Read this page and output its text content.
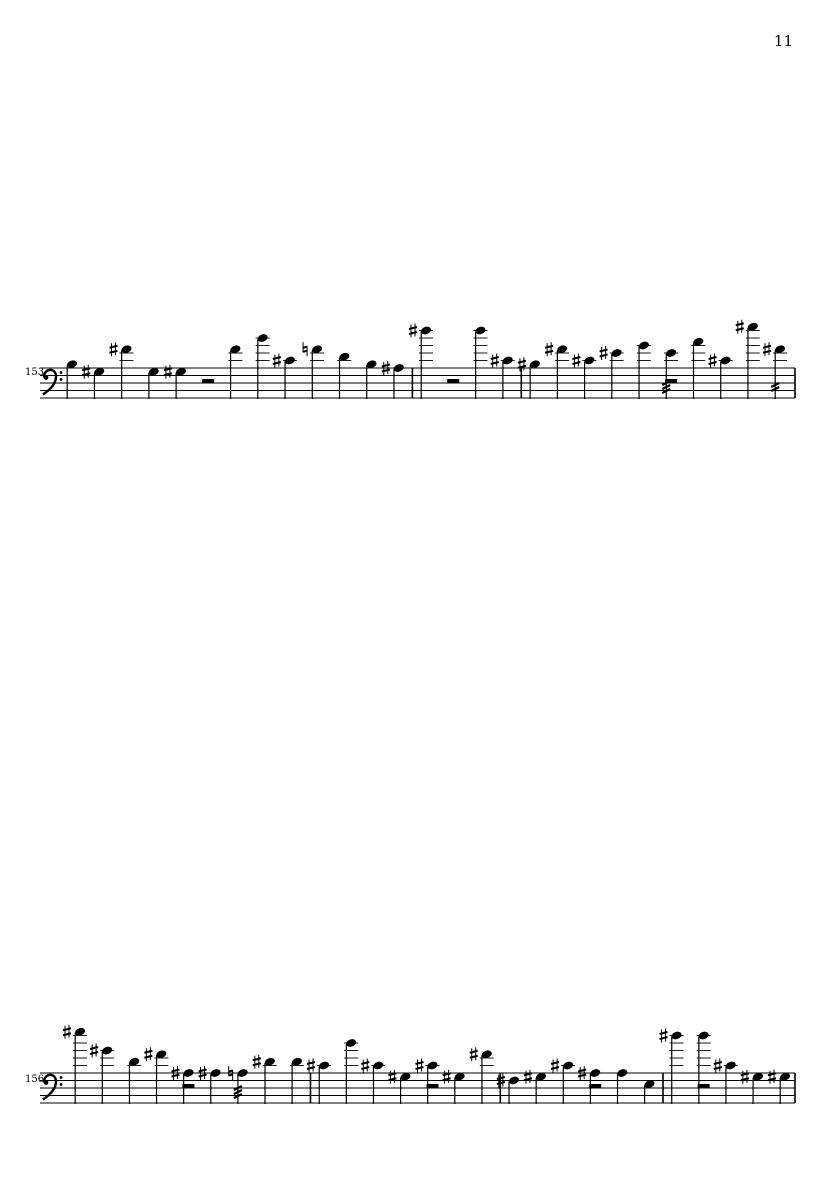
11
153
156
